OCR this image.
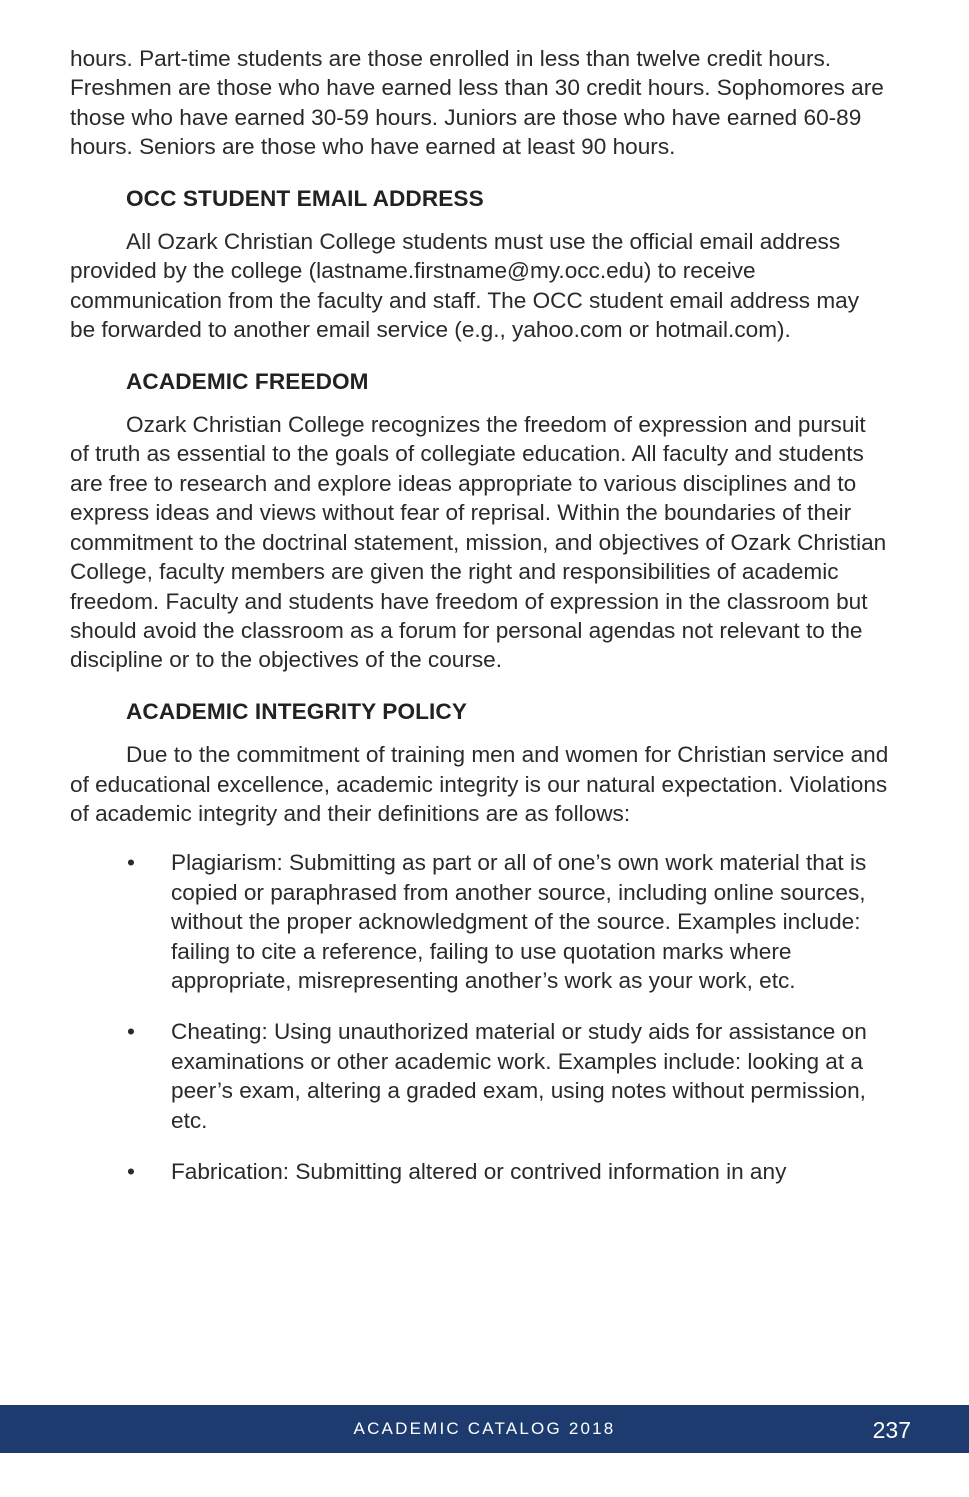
hours. Part-time students are those enrolled in less than twelve credit hours. Freshmen are those who have earned less than 30 credit hours. Sophomores are those who have earned 30-59 hours. Juniors are those who have earned 60-89 hours. Seniors are those who have earned at least 90 hours.

OCC STUDENT EMAIL ADDRESS

All Ozark Christian College students must use the official email address provided by the college (lastname.firstname@my.occ.edu) to receive communication from the faculty and staff. The OCC student email address may be forwarded to another email service (e.g., yahoo.com or hotmail.com).

ACADEMIC FREEDOM

Ozark Christian College recognizes the freedom of expression and pursuit of truth as essential to the goals of collegiate education. All faculty and students are free to research and explore ideas appropriate to various disciplines and to express ideas and views without fear of reprisal. Within the boundaries of their commitment to the doctrinal statement, mission, and objectives of Ozark Christian College, faculty members are given the right and responsibilities of academic freedom. Faculty and students have freedom of expression in the classroom but should avoid the classroom as a forum for personal agendas not relevant to the discipline or to the objectives of the course.

ACADEMIC INTEGRITY POLICY

Due to the commitment of training men and women for Christian service and of educational excellence, academic integrity is our natural expectation. Violations of academic integrity and their definitions are as follows:

• Plagiarism: Submitting as part or all of one’s own work material that is copied or paraphrased from another source, including online sources, without the proper acknowledgment of the source. Examples include: failing to cite a reference, failing to use quotation marks where appropriate, misrepresenting another’s work as your work, etc.
• Cheating: Using unauthorized material or study aids for assistance on examinations or other academic work. Examples include: looking at a peer’s exam, altering a graded exam, using notes without permission, etc.
• Fabrication: Submitting altered or contrived information in any
ACADEMIC CATALOG 2018	237
